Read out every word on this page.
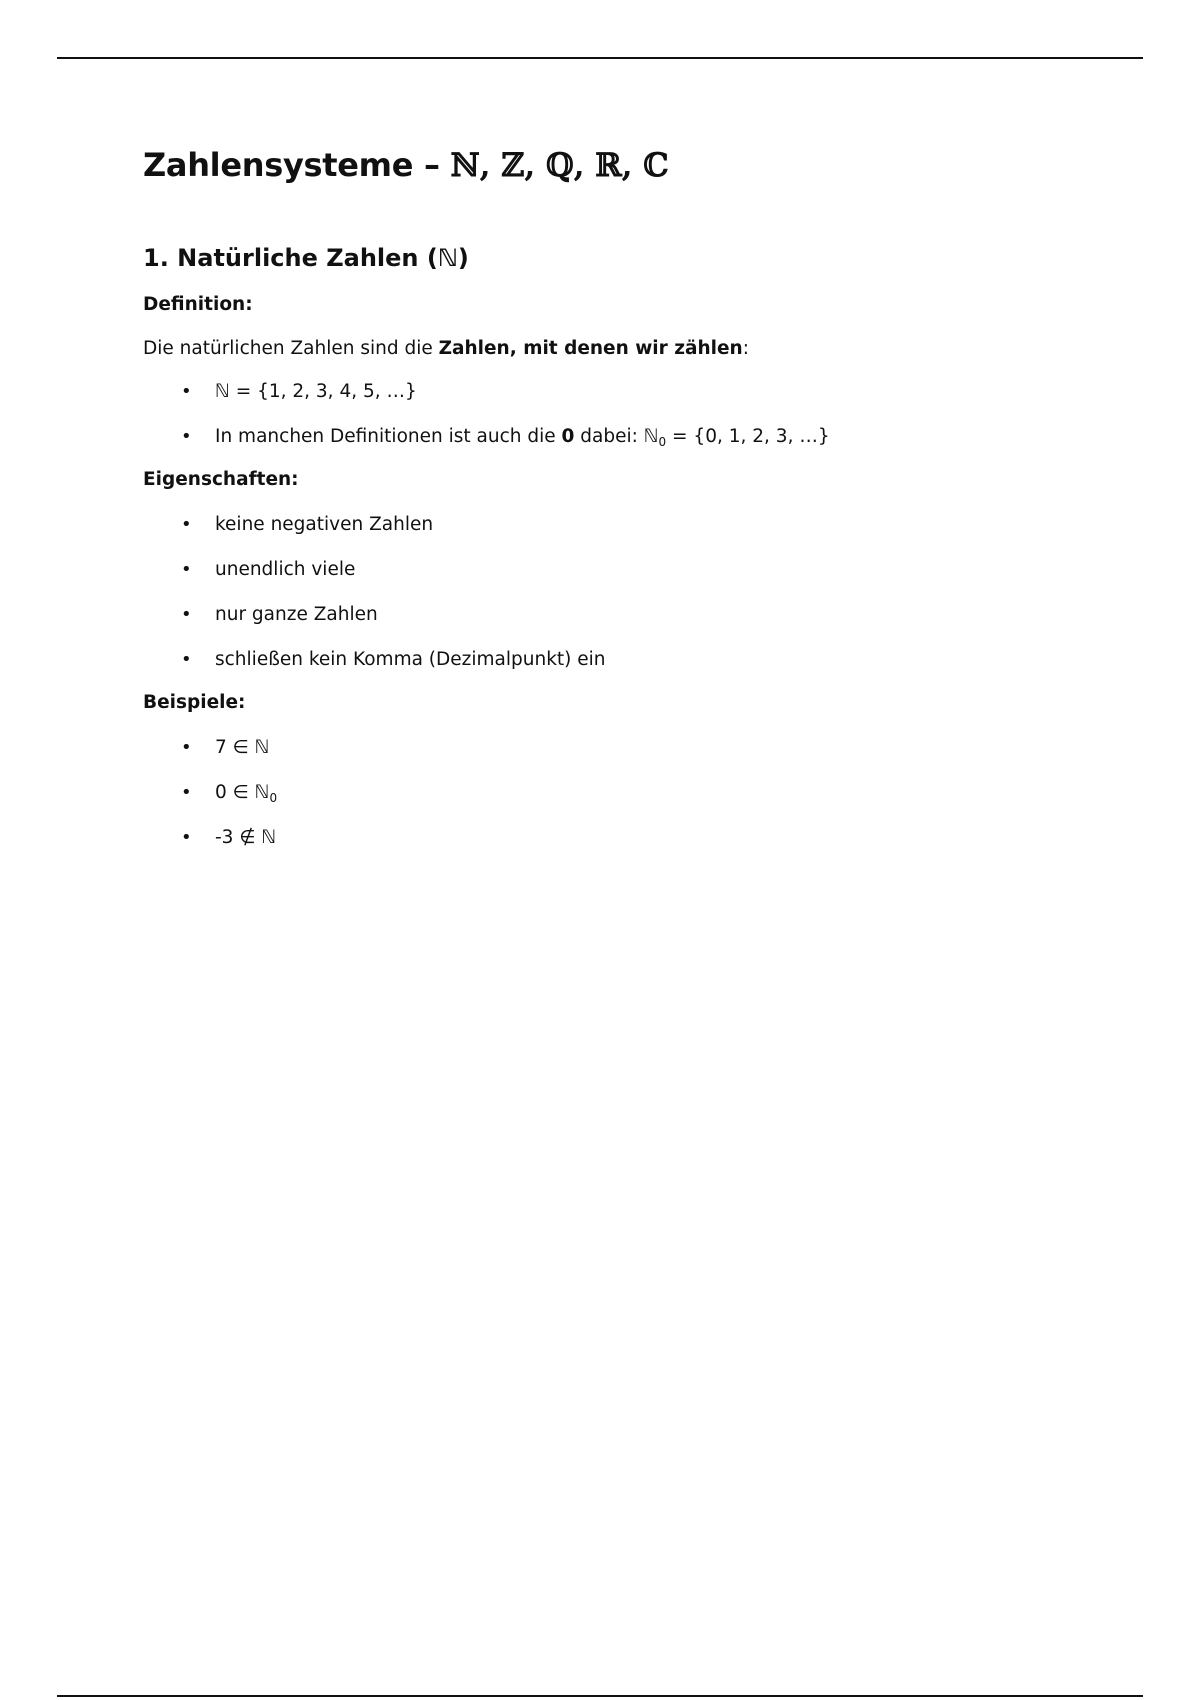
Zahlensysteme – ℕ, ℤ, ℚ, ℝ, ℂ
1. Natürliche Zahlen (ℕ)

Definition:

Die natürlichen Zahlen sind die Zahlen, mit denen wir zählen:

• ℕ = {1, 2, 3, 4, 5, …}
• In manchen Definitionen ist auch die 0 dabei: ℕ$_0$ = {0, 1, 2, 3, …}

Eigenschaften:

• keine negativen Zahlen
• unendlich viele
• nur ganze Zahlen
• schließen kein Komma (Dezimalpunkt) ein

Beispiele:

• 7 ∈ ℕ
• 0 ∈ ℕ$_0$
• -3 ∉ ℕ
